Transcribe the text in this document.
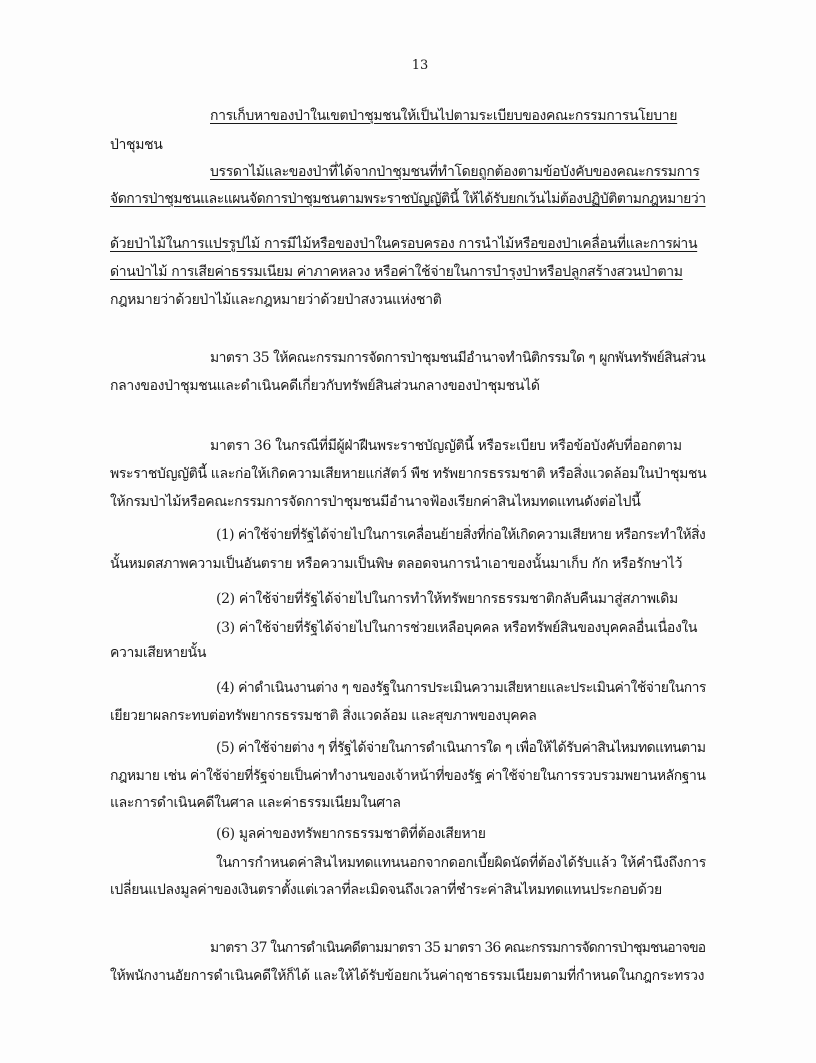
13
การเก็บหาของป่าในเขตป่าชุมชนให้เป็นไปตามระเบียบของคณะกรรมการนโยบาย
ป่าชุมชน
บรรดาไม้และของป่าที่ได้จากป่าชุมชนที่ทำโดยถูกต้องตามข้อบังคับของคณะกรรมการ
จัดการป่าชุมชนและแผนจัดการป่าชุมชนตามพระราชบัญญัตินี้ ให้ได้รับยกเว้นไม่ต้องปฏิบัติตามกฎหมายว่า
ด้วยป่าไม้ในการแปรรูปไม้ การมีไม้หรือของป่าในครอบครอง การนำไม้หรือของป่าเคลื่อนที่และการผ่าน
ด่านป่าไม้ การเสียค่าธรรมเนียม ค่าภาคหลวง หรือค่าใช้จ่ายในการบำรุงป่าหรือปลูกสร้างสวนป่าตาม
กฎหมายว่าด้วยป่าไม้และกฎหมายว่าด้วยป่าสงวนแห่งชาติ
มาตรา 35 ให้คณะกรรมการจัดการป่าชุมชนมีอำนาจทำนิติกรรมใด ๆ ผูกพันทรัพย์สินส่วน
กลางของป่าชุมชนและดำเนินคดีเกี่ยวกับทรัพย์สินส่วนกลางของป่าชุมชนได้
มาตรา 36 ในกรณีที่มีผู้ฝ่าฝืนพระราชบัญญัตินี้ หรือระเบียบ หรือข้อบังคับที่ออกตาม
พระราชบัญญัตินี้ และก่อให้เกิดความเสียหายแก่สัตว์ พืช ทรัพยากรธรรมชาติ หรือสิ่งแวดล้อมในป่าชุมชน
ให้กรมป่าไม้หรือคณะกรรมการจัดการป่าชุมชนมีอำนาจฟ้องเรียกค่าสินไหมทดแทนดังต่อไปนี้
(1) ค่าใช้จ่ายที่รัฐได้จ่ายไปในการเคลื่อนย้ายสิ่งที่ก่อให้เกิดความเสียหาย หรือกระทำให้สิ่ง
นั้นหมดสภาพความเป็นอันตราย หรือความเป็นพิษ ตลอดจนการนำเอาของนั้นมาเก็บ กัก หรือรักษาไว้
(2) ค่าใช้จ่ายที่รัฐได้จ่ายไปในการทำให้ทรัพยากรธรรมชาติกลับคืนมาสู่สภาพเดิม
(3) ค่าใช้จ่ายที่รัฐได้จ่ายไปในการช่วยเหลือบุคคล หรือทรัพย์สินของบุคคลอื่นเนื่องใน
ความเสียหายนั้น
(4) ค่าดำเนินงานต่าง ๆ ของรัฐในการประเมินความเสียหายและประเมินค่าใช้จ่ายในการ
เยียวยาผลกระทบต่อทรัพยากรธรรมชาติ สิ่งแวดล้อม และสุขภาพของบุคคล
(5) ค่าใช้จ่ายต่าง ๆ ที่รัฐได้จ่ายในการดำเนินการใด ๆ เพื่อให้ได้รับค่าสินไหมทดแทนตาม
กฎหมาย เช่น ค่าใช้จ่ายที่รัฐจ่ายเป็นค่าทำงานของเจ้าหน้าที่ของรัฐ ค่าใช้จ่ายในการรวบรวมพยานหลักฐาน
และการดำเนินคดีในศาล และค่าธรรมเนียมในศาล
(6) มูลค่าของทรัพยากรธรรมชาติที่ต้องเสียหาย
ในการกำหนดค่าสินไหมทดแทนนอกจากดอกเบี้ยผิดนัดที่ต้องได้รับแล้ว ให้คำนึงถึงการ
เปลี่ยนแปลงมูลค่าของเงินตราตั้งแต่เวลาที่ละเมิดจนถึงเวลาที่ชำระค่าสินไหมทดแทนประกอบด้วย
มาตรา 37 ในการดำเนินคดีตามมาตรา 35 มาตรา 36 คณะกรรมการจัดการป่าชุมชนอาจขอ
ให้พนักงานอัยการดำเนินคดีให้ก็ได้ และให้ได้รับข้อยกเว้นค่าฤชาธรรมเนียมตามที่กำหนดในกฎกระทรวง
